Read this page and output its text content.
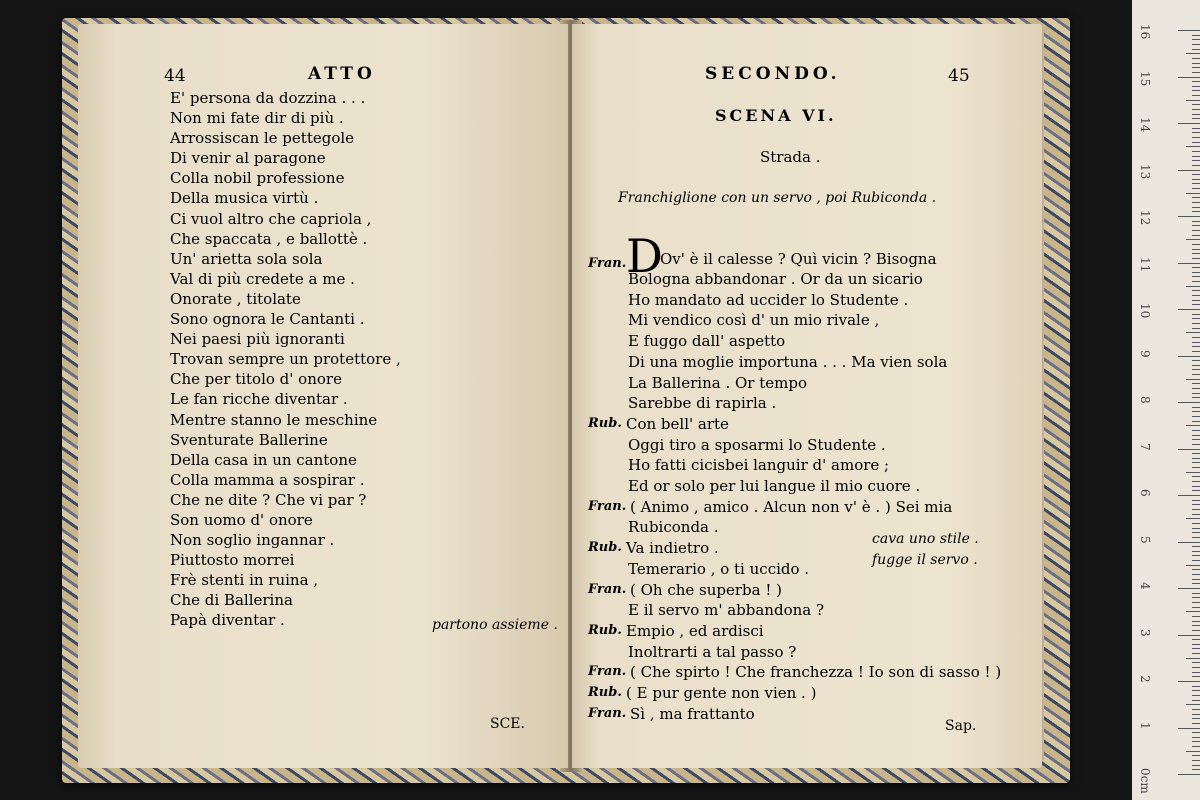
44	ATTO
E' persona da dozzina . . .
Non mi fate dir di più .
Arrossiscan le pettegole
Di venir al paragone
Colla nobil professione
Della musica virtù .
Ci vuol altro che capriola ,
Che spaccata , e ballottè .
Un' arietta sola sola
Val di più credete a me .
Onorate , titolate
Sono ognora le Cantanti .
Nei paesi più ignoranti
Trovan sempre un protettore ,
Che per titolo d' onore
Le fan ricche diventar .
Mentre stanno le meschine
Sventurate Ballerine
Della casa in un cantone
Colla mamma a sospirar .
Che ne dite ? Che vi par ?
Son uomo d' onore
Non soglio ingannar .
Piuttosto morrei
Frè stenti in ruina ,
Che di Ballerina
Papà diventar .	partono assieme .
SCE.
SECONDO.	45
SCENA VI.
Strada .
Franchiglione con un servo , poi Rubiconda .
Fran. D
Ov' è il calesse ? Quì vicin ? Bisogna
Bologna abbandonar . Or da un sicario
Ho mandato ad uccider lo Studente .
Mi vendico così d' un mio rivale ,
E fuggo dall' aspetto
Di una moglie importuna . . . Ma vien sola
La Ballerina . Or tempo
Sarebbe di rapirla .
Rub. Con bell' arte
Oggi tiro a sposarmi lo Studente .
Ho fatti cicisbei languir d' amore ;
Ed or solo per lui langue il mio cuore .
Fran. ( Animo , amico . Alcun non v' è . ) Sei mia
Rubiconda .
Rub. Va indietro .	cava uno stile .
Temerario , o ti uccido .	fugge il servo .
Fran. ( Oh che superba ! )
E il servo m' abbandona ?
Rub. Empio , ed ardisci
Inoltrarti a tal passo ?
Fran. ( Che spirto ! Che franchezza ! Io son di sasso ! )
Rub. ( E pur gente non vien . )
Fran. Sì , ma frattanto
Sap.
16
15
14
13
12
11
10
9
8
7
6
5
4
3
2
1
0cm
